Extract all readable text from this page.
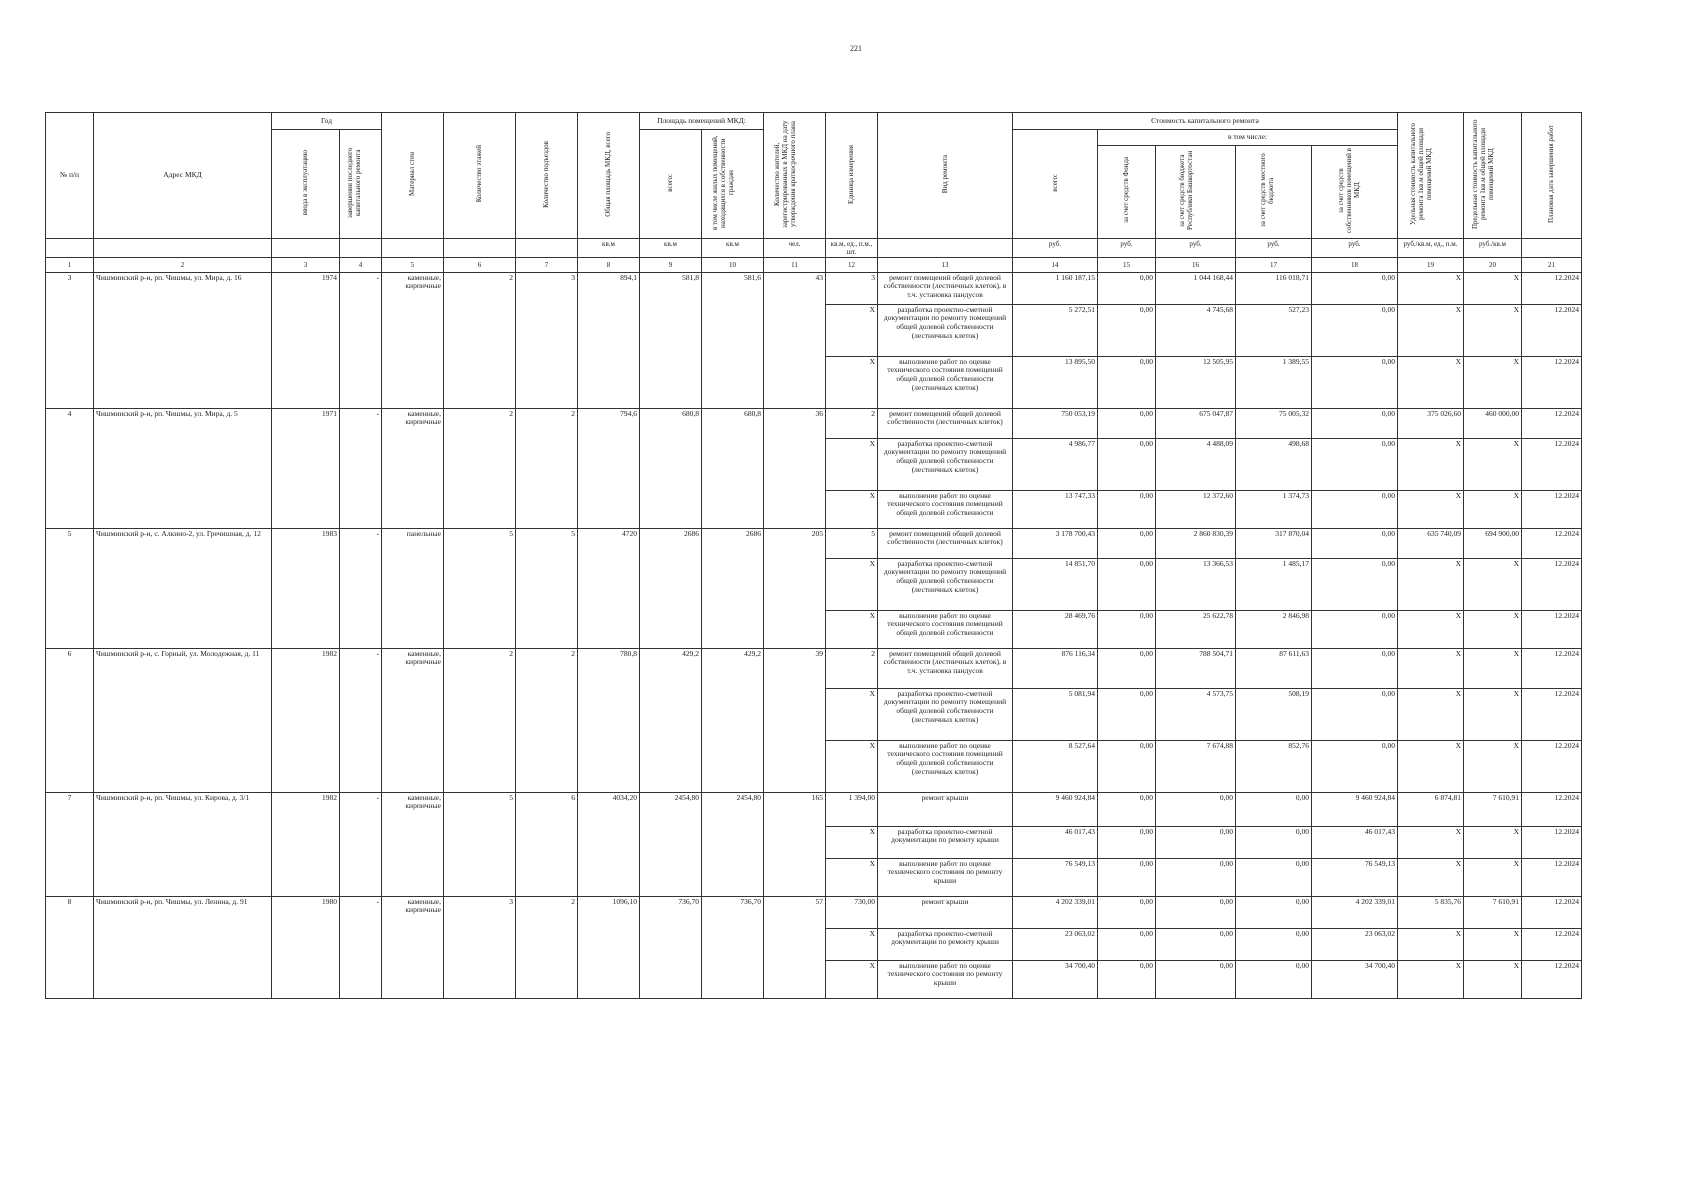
221
№ п/п	Адрес МКД	Год		Материал стен	Количество этажей	Количество подъездов	Общая площадь МКД, всего	Площадь помещений МКД:		Количество жителей, зарегистрированных в МКД на дату утверждения краткосрочного плана	Единица измерения	Вид ремонта	Стоимость капитального ремонта					Удельная стоимость капитального ремонта 1кв.м общей площади помещений МКД	Предельная стоимость капитального ремонта 1кв.м общей площади помещений МКД	Плановая дата завершения работ
		ввода в эксплуатацию	завершения последнего капитального ремонта					всего:	в том числе жилых помещений, находящихся в собственности граждан				всего:	в том числе:						
														за счет средств Фонда	за счет средств бюджета Республики Башкортостан	за счет средств местного бюджета	за счет средств собственников помещений в МКД			
							кв.м	кв.м	кв.м	чел.	кв.м, ед., п.м., шт.		руб.	руб.	руб.	руб.	руб.	руб./кв.м, ед., п.м.	руб./кв.м	
1	2	3	4	5	6	7	8	9	10	11	12	13	14	15	16	17	18	19	20	21
3	Чишминский р-н, рп. Чишмы, ул. Мира, д. 16	1974	-	каменные, кирпичные	2	3	894,1	581,8	581,6	43	3	ремонт помещений общей долевой собственности (лестничных клеток), в т.ч. установка пандусов	1 160 187,15	0,00	1 044 168,44	116 018,71	0,00	X	X	12.2024
											X	разработка проектно-сметной документации по ремонту помещений общей долевой собственности (лестничных клеток)	5 272,51	0,00	4 745,68	527,23	0,00	X	X	12.2024
											X	выполнение работ по оценке технического состояния помещений общей долевой собственности (лестничных клеток)	13 895,50	0,00	12 505,95	1 389,55	0,00	X	X	12.2024
4	Чишминский р-н, рп. Чишмы, ул. Мира, д. 5	1971	-	каменные, кирпичные	2	2	794,6	680,8	680,8	36	2	ремонт помещений общей долевой собственности (лестничных клеток)	750 053,19	0,00	675 047,87	75 005,32	0,00	375 026,60	460 000,00	12.2024
											X	разработка проектно-сметной документации по ремонту помещений общей долевой собственности (лестничных клеток)	4 986,77	0,00	4 488,09	498,68	0,00	X	X	12.2024
											X	выполнение работ по оценке технического состояния помещений общей долевой собственности	13 747,33	0,00	12 372,60	1 374,73	0,00	X	X	12.2024
5	Чишминский р-н, с. Алкино-2, ул. Гречишная, д. 12	1983	-	панельные	5	5	4720	2686	2686	205	5	ремонт помещений общей долевой собственности (лестничных клеток)	3 178 700,43	0,00	2 860 830,39	317 870,04	0,00	635 740,09	694 900,00	12.2024
											X	разработка проектно-сметной документации по ремонту помещений общей долевой собственности (лестничных клеток)	14 851,70	0,00	13 366,53	1 485,17	0,00	X	X	12.2024
											X	выполнение работ по оценке технического состояния помещений общей долевой собственности	28 469,76	0,00	25 622,78	2 846,98	0,00	X	X	12.2024
6	Чишминский р-н, с. Горный, ул. Молодежная, д. 11	1982	-	каменные, кирпичные	2	2	780,8	429,2	429,2	39	2	ремонт помещений общей долевой собственности (лестничных клеток), в т.ч. установка пандусов	876 116,34	0,00	788 504,71	87 611,63	0,00	X	X	12.2024
											X	разработка проектно-сметной документации по ремонту помещений общей долевой собственности (лестничных клеток)	5 081,94	0,00	4 573,75	508,19	0,00	X	X	12.2024
											X	выполнение работ по оценке технического состояния помещений общей долевой собственности (лестничных клеток)	8 527,64	0,00	7 674,88	852,76	0,00	X	X	12.2024
7	Чишминский р-н, рп. Чишмы, ул. Кирова, д. 3/1	1982	-	каменные, кирпичные	5	6	4034,20	2454,80	2454,80	165	1 394,00	ремонт крыши	9 460 924,84	0,00	0,00	0,00	9 460 924,84	6 874,81	7 610,91	12.2024
											X	разработка проектно-сметной документации по ремонту крыши	46 017,43	0,00	0,00	0,00	46 017,43	X	X	12.2024
											X	выполнение работ по оценке технического состояния по ремонту крыши	76 549,13	0,00	0,00	0,00	76 549,13	X	X	12.2024
8	Чишминский р-н, рп. Чишмы, ул. Ленина, д. 91	1980	-	каменные, кирпичные	3	2	1096,10	736,70	736,70	57	730,00	ремонт крыши	4 202 339,01	0,00	0,00	0,00	4 202 339,01	5 835,76	7 610,91	12.2024
											X	разработка проектно-сметной документации по ремонту крыши	23 063,02	0,00	0,00	0,00	23 063,02	X	X	12.2024
											X	выполнение работ по оценке технического состояния по ремонту крыши	34 700,40	0,00	0,00	0,00	34 700,40	X	X	12.2024
